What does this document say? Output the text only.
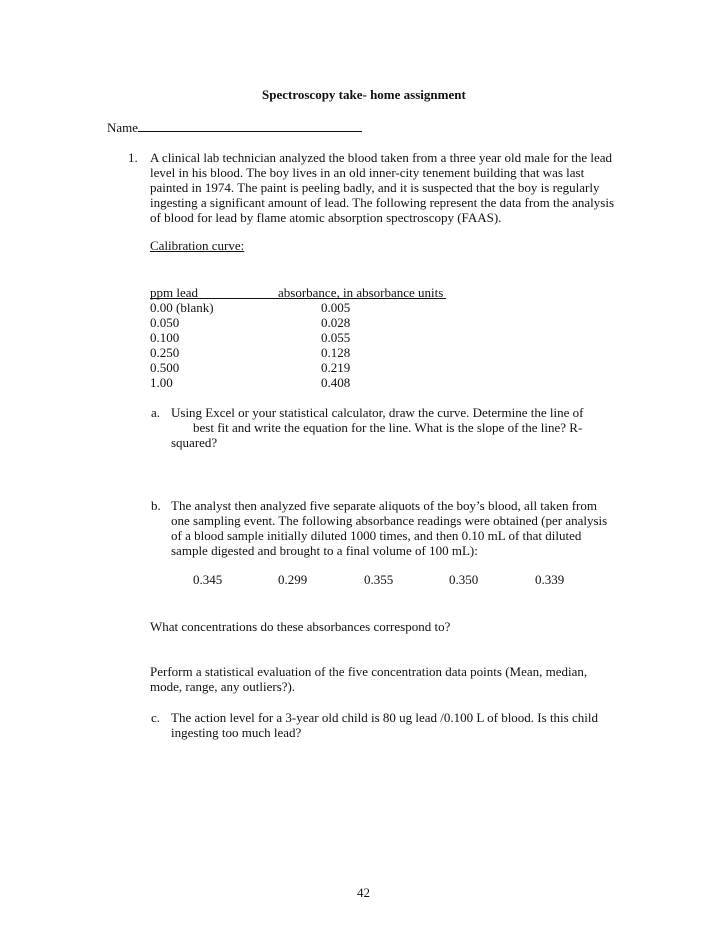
Spectroscopy take- home assignment
Name
1. A clinical lab technician analyzed the blood taken from a three year old male for the lead
level in his blood. The boy lives in an old inner-city tenement building that was last
painted in 1974. The paint is peeling badly, and it is suspected that the boy is regularly
ingesting a significant amount of lead. The following represent the data from the analysis
of blood for lead by flame atomic absorption spectroscopy (FAAS).
Calibration curve:
ppm lead	absorbance, in absorbance units
0.00 (blank)	0.005
0.050	0.028
0.100	0.055
0.250	0.128
0.500	0.219
1.00	0.408
a. Using Excel or your statistical calculator, draw the curve. Determine the line of
best fit and write the equation for the line. What is the slope of the line? R-
squared?
b. The analyst then analyzed five separate aliquots of the boy’s blood, all taken from
one sampling event. The following absorbance readings were obtained (per analysis
of a blood sample initially diluted 1000 times, and then 0.10 mL of that diluted
sample digested and brought to a final volume of 100 mL):
0.345	0.299	0.355	0.350	0.339
What concentrations do these absorbances correspond to?
Perform a statistical evaluation of the five concentration data points (Mean, median,
mode, range, any outliers?).
c. The action level for a 3-year old child is 80 ug lead /0.100 L of blood. Is this child
ingesting too much lead?
42
